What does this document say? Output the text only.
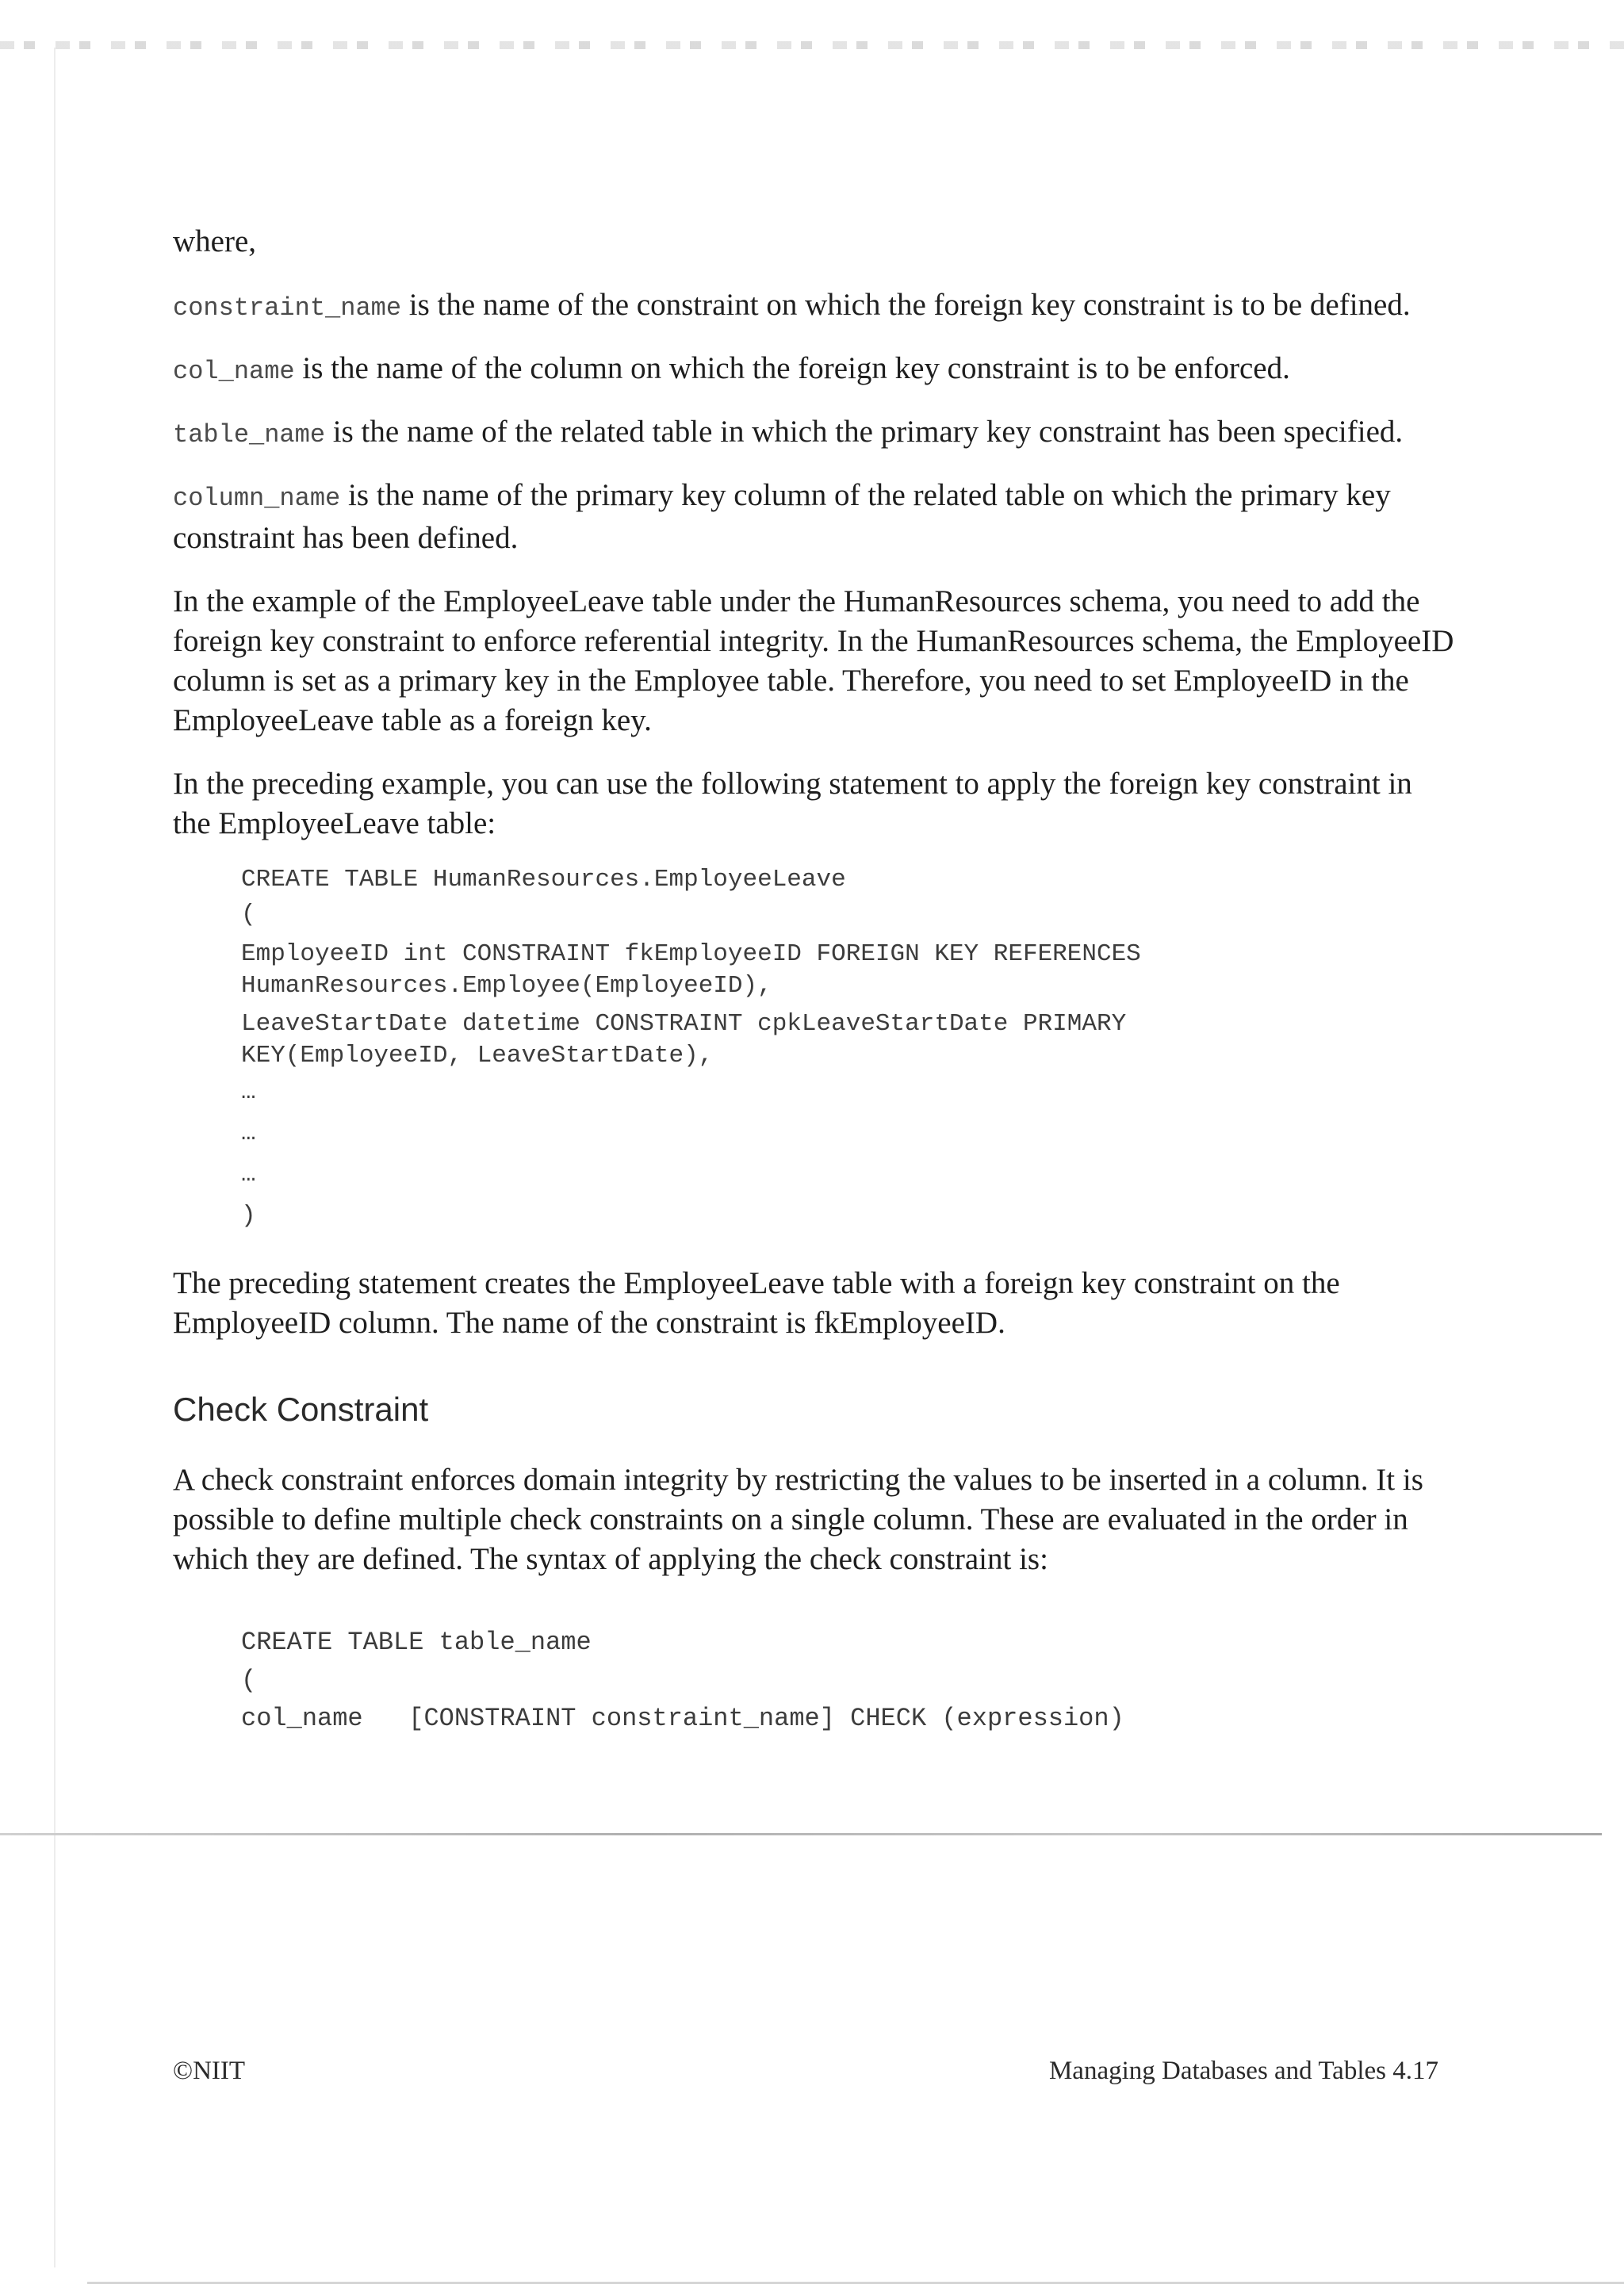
where,

constraint_name is the name of the constraint on which the foreign key constraint is to be defined.

col_name is the name of the column on which the foreign key constraint is to be enforced.

table_name is the name of the related table in which the primary key constraint has been specified.

column_name is the name of the primary key column of the related table on which the primary key constraint has been defined.

In the example of the EmployeeLeave table under the HumanResources schema, you need to add the foreign key constraint to enforce referential integrity. In the HumanResources schema, the EmployeeID column is set as a primary key in the Employee table. Therefore, you need to set EmployeeID in the EmployeeLeave table as a foreign key.

In the preceding example, you can use the following statement to apply the foreign key constraint in the EmployeeLeave table:

CREATE TABLE HumanResources.EmployeeLeave
(
EmployeeID int CONSTRAINT fkEmployeeID FOREIGN KEY REFERENCES
HumanResources.Employee(EmployeeID),
LeaveStartDate datetime CONSTRAINT cpkLeaveStartDate PRIMARY
KEY(EmployeeID, LeaveStartDate),
…
…
…
)

The preceding statement creates the EmployeeLeave table with a foreign key constraint on the EmployeeID column. The name of the constraint is fkEmployeeID.

Check Constraint

A check constraint enforces domain integrity by restricting the values to be inserted in a column. It is possible to define multiple check constraints on a single column. These are evaluated in the order in which they are defined. The syntax of applying the check constraint is:

CREATE TABLE table_name
(
col_name   [CONSTRAINT constraint_name] CHECK (expression)
©NIIT	Managing Databases and Tables 4.17
